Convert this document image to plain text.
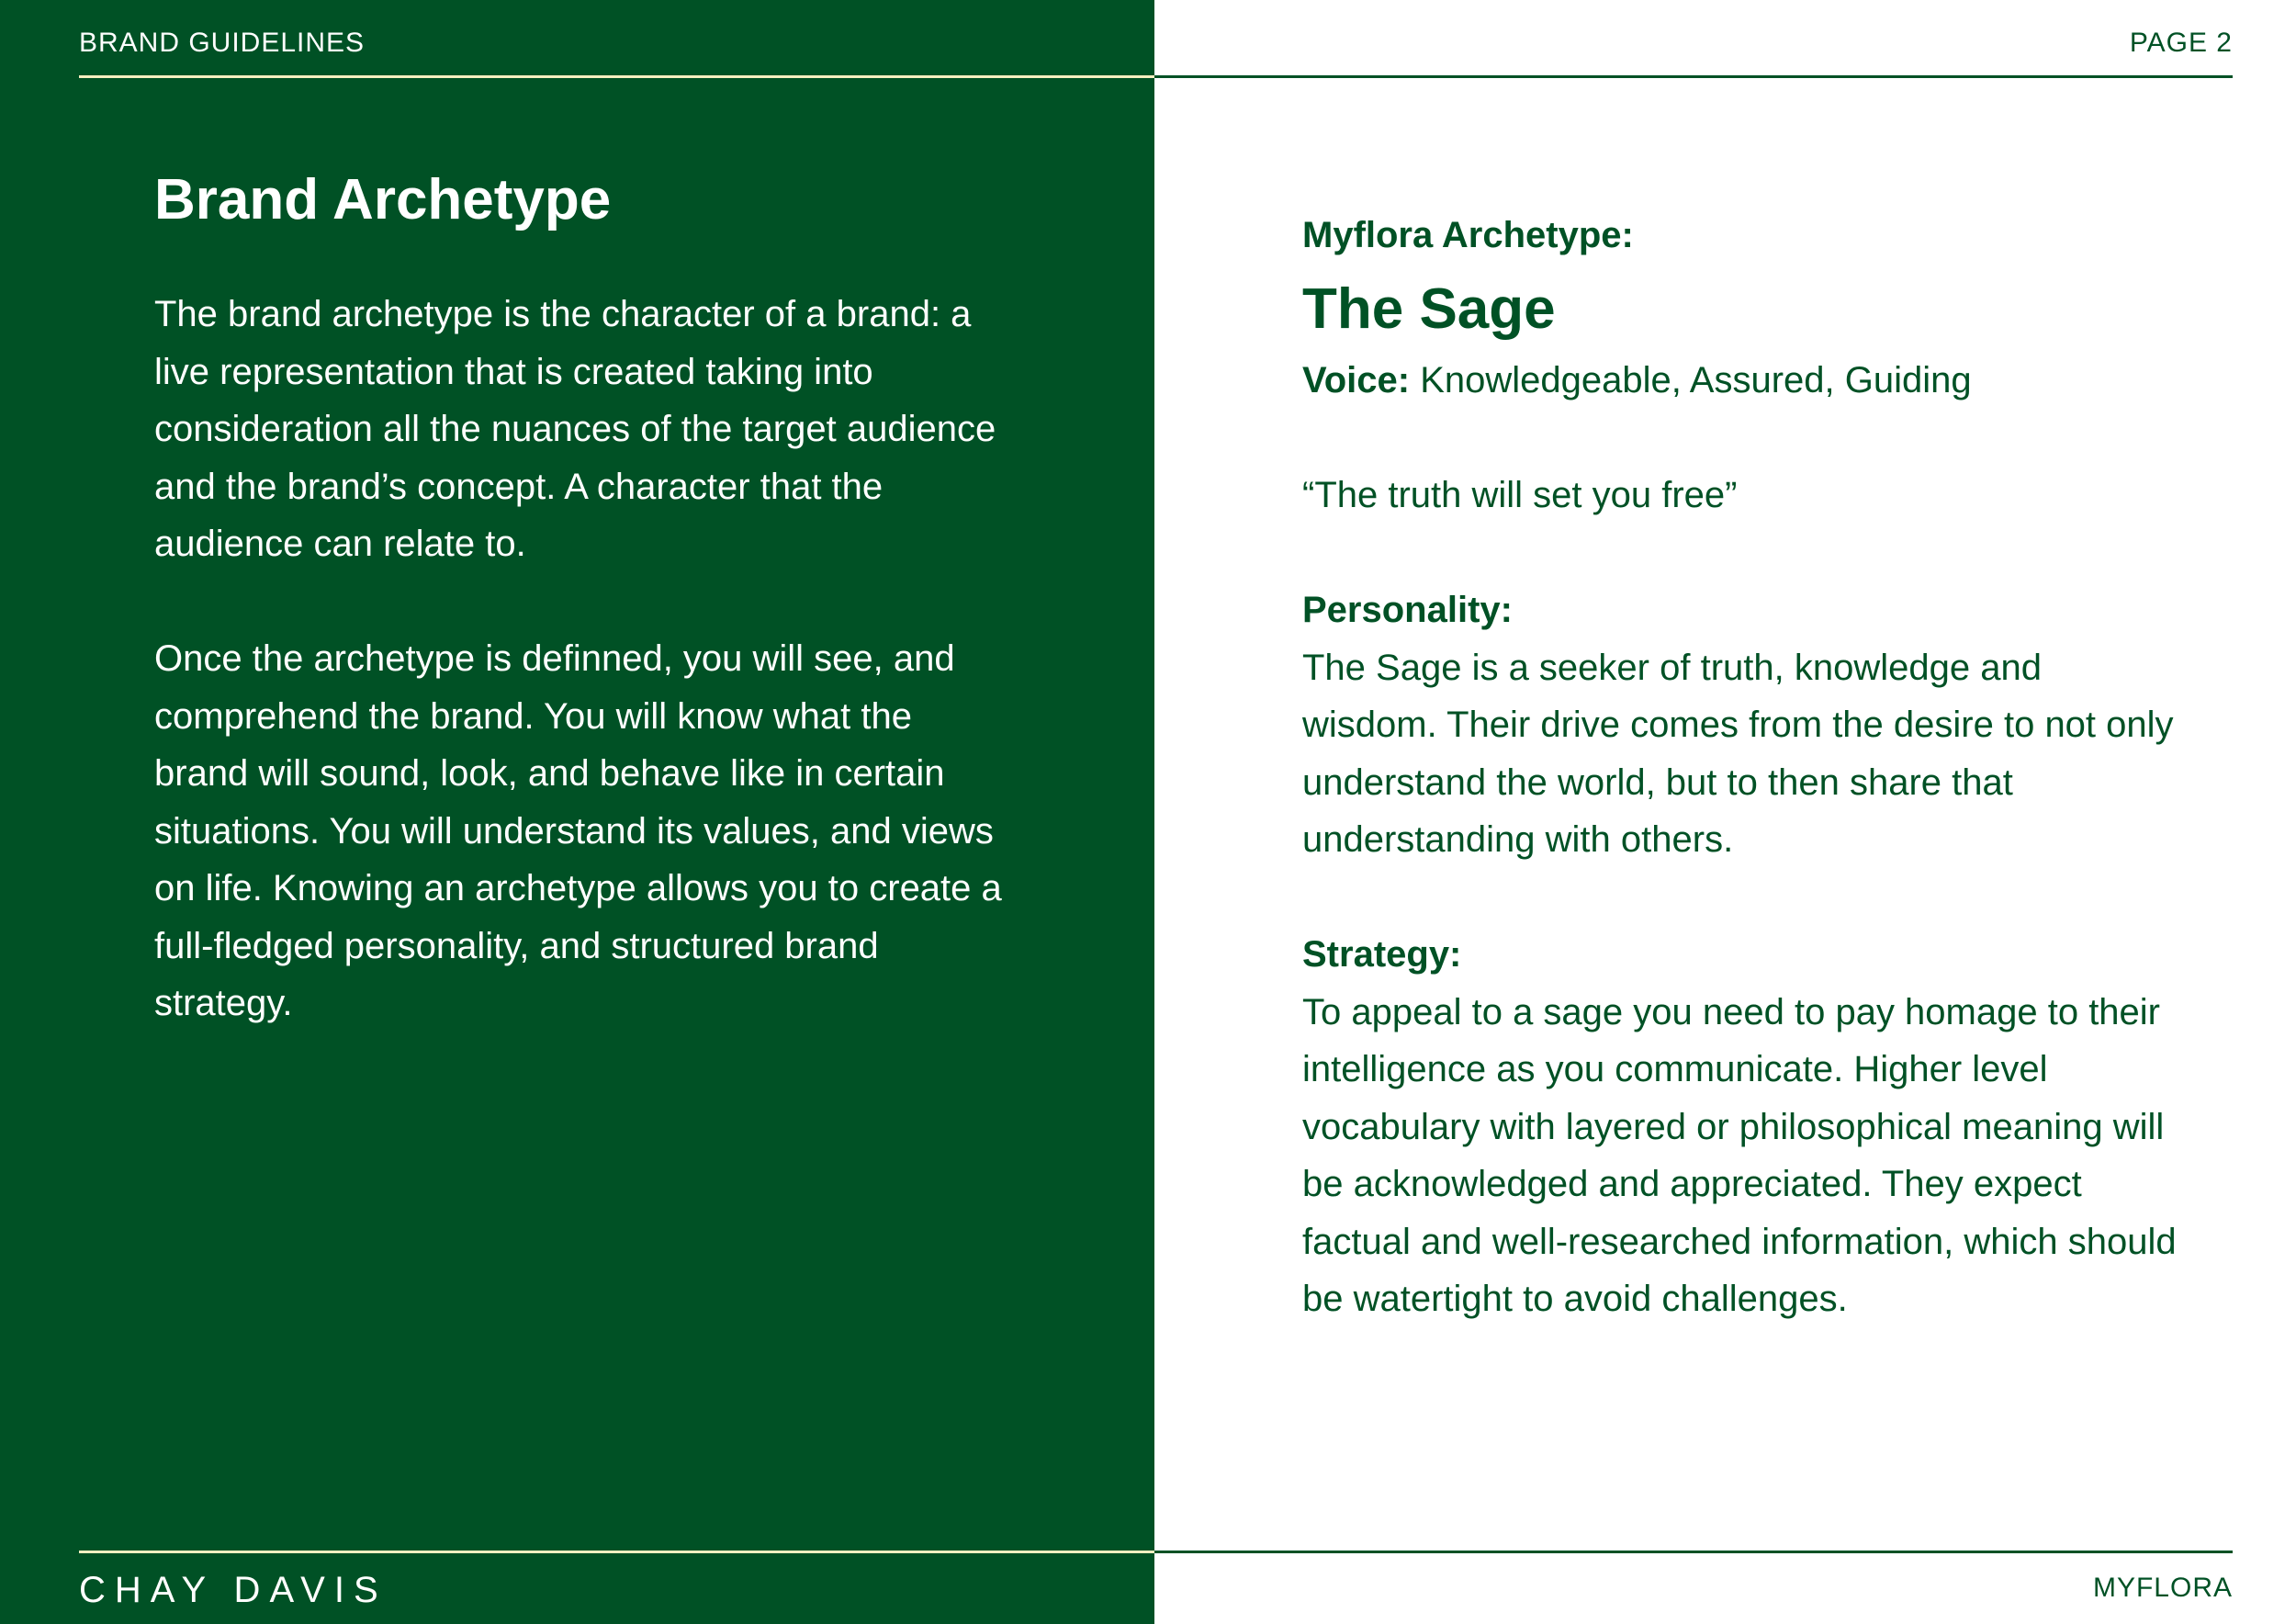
BRAND GUIDELINES	PAGE 2
Brand Archetype

The brand archetype is the character of a brand: a live representation that is created taking into consideration all the nuances of the target audience and the brand’s concept. A character that the audience can relate to.

Once the archetype is definned, you will see, and comprehend the brand. You will know what the brand will sound, look, and behave like in certain situations. You will understand its values, and views on life. Knowing an archetype allows you to create a full-fledged personality, and structured brand strategy.

Myflora Archetype:

The Sage

Voice: Knowledgeable, Assured, Guiding

“The truth will set you free”

Personality:

The Sage is a seeker of truth, knowledge and wisdom. Their drive comes from the desire to not only understand the world, but to then share that understanding with others.

Strategy:

To appeal to a sage you need to pay homage to their intelligence as you communicate. Higher level vocabulary with layered or philosophical meaning will be acknowledged and appreciated. They expect factual and well-researched information, which should be watertight to avoid challenges.

CHAY DAVIS	MYFLORA
